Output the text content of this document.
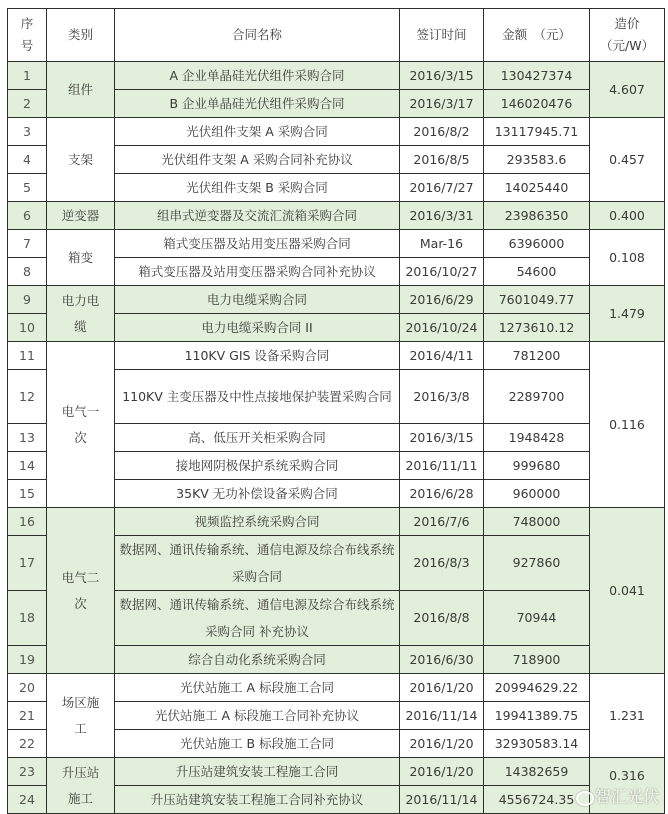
序号	类别	合同名称	签订时间	金额　（元）	造价（元/W）
1	组件	A 企业单晶硅光伏组件采购合同	2016/3/15	130427374	4.607

2		B 企业单晶硅光伏组件采购合同	2016/3/17	146020476	
3	支架	光伏组件支架 A 采购合同	2016/8/2	13117945.71	0.457

4		光伏组件支架 A 采购合同补充协议	2016/8/5	293583.6	
5		光伏组件支架 B 采购合同	2016/7/27	14025440	
6	逆变器	组串式逆变器及交流汇流箱采购合同	2016/3/31	23986350	0.400

7	箱变	箱式变压器及站用变压器采购合同	Mar-16	6396000	0.108

8		箱式变压器及站用变压器采购合同补充协议	2016/10/27	54600	
9	电力电缆	电力电缆采购合同	2016/6/29	7601049.77	1.479

10		电力电缆采购合同 II	2016/10/24	1273610.12	
11	电气一次	110KV GIS 设备采购合同	2016/4/11	781200	0.116

12		110KV 主变压器及中性点接地保护装置采购合同	2016/3/8	2289700	
13		高、低压开关柜采购合同	2016/3/15	1948428	
14		接地网阴极保护系统采购合同	2016/11/11	999680	
15		35KV 无功补偿设备采购合同	2016/6/28	960000	
16	电气二次	视频监控系统采购合同	2016/7/6	748000	0.041

17		数据网、通讯传输系统、通信电源及综合布线系统采购合同	2016/8/3	927860	
18		数据网、通讯传输系统、通信电源及综合布线系统采购合同 补充协议	2016/8/8	70944	
19		综合自动化系统采购合同	2016/6/30	718900	
20	场区施工	光伏站施工 A 标段施工合同	2016/1/20	20994629.22	1.231

21		光伏站施工 A 标段施工合同补充协议	2016/11/14	19941389.75	
22		光伏站施工 B 标段施工合同	2016/1/20	32930583.14	
23	升压站施工	升压站建筑安装工程施工合同	2016/1/20	14382659	0.316
智汇光伏

24		升压站建筑安装工程施工合同补充协议	2016/11/14	4556724.35	
